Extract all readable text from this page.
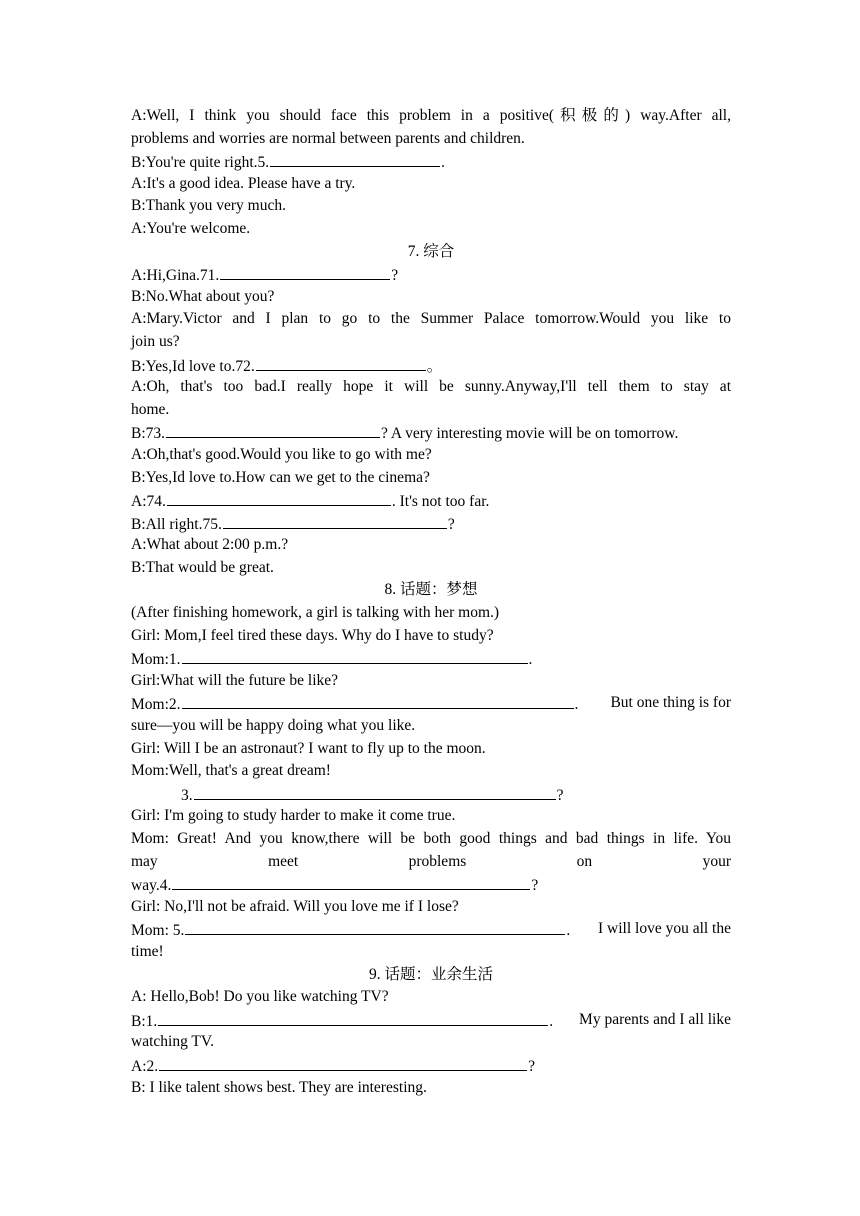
A:Well, I think you should face this problem in a positive(积极的) way.After all,
problems and worries are normal between parents and children.
B:You're quite right.5.	.
A:It's a good idea. Please have a try.
B:Thank you very much.
A:You're welcome.
7. 综合
A:Hi,Gina.71.	?
B:No.What about you?
A:Mary.Victor and I plan to go to the Summer Palace tomorrow.Would you like to
join us?
B:Yes,Id love to.72.	。
A:Oh, that's too bad.I really hope it will be sunny.Anyway,I'll tell them to stay at
home.
B:73.	? A very interesting movie will be on tomorrow.
A:Oh,that's good.Would you like to go with me?
B:Yes,Id love to.How can we get to the cinema?
A:74.	. It's not too far.
B:All right.75.	?
A:What about 2:00 p.m.?
B:That would be great.
8. 话题：梦想
(After finishing homework, a girl is talking with her mom.)
Girl: Mom,I feel tired these days. Why do I have to study?
Mom:1.	.
Girl:What will the future be like?
Mom:2.	. But one thing is for
sure—you will be happy doing what you like.
Girl: Will I be an astronaut? I want to fly up to the moon.
Mom:Well, that's a great dream!
3.	?
Girl: I'm going to study harder to make it come true.
Mom: Great! And you know,there will be both good things and bad things in life. You
may	meet	problems	on	your
way.4.	?
Girl: No,I'll not be afraid. Will you love me if I lose?
Mom: 5.	. I will love you all the
time!
9. 话题：业余生活
A: Hello,Bob! Do you like watching TV?
B:1.	. My parents and I all like
watching TV.
A:2.	?
B: I like talent shows best. They are interesting.
